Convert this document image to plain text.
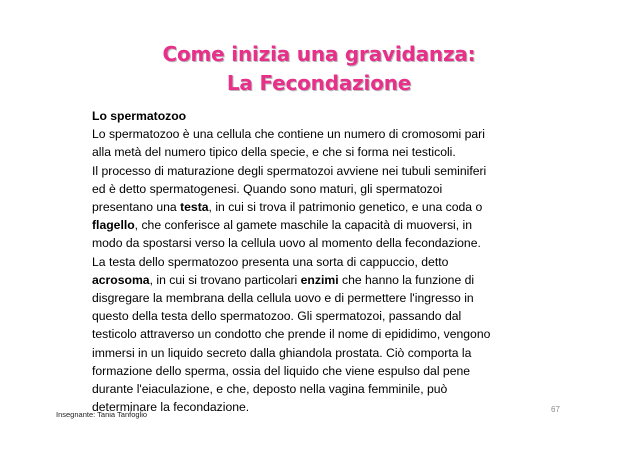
Come inizia una gravidanza:
La Fecondazione
Lo spermatozoo
Lo spermatozoo è una cellula che contiene un numero di cromosomi pari
alla metà del numero tipico della specie, e che si forma nei testicoli.
Il processo di maturazione degli spermatozoi avviene nei tubuli seminiferi
ed è detto spermatogenesi. Quando sono maturi, gli spermatozoi
presentano una testa, in cui si trova il patrimonio genetico, e una coda o
flagello, che conferisce al gamete maschile la capacità di muoversi, in
modo da spostarsi verso la cellula uovo al momento della fecondazione.
La testa dello spermatozoo presenta una sorta di cappuccio, detto
acrosoma, in cui si trovano particolari enzimi che hanno la funzione di
disgregare la membrana della cellula uovo e di permettere l'ingresso in
questo della testa dello spermatozoo. Gli spermatozoi, passando dal
testicolo attraverso un condotto che prende il nome di epididimo, vengono
immersi in un liquido secreto dalla ghiandola prostata. Ciò comporta la
formazione dello sperma, ossia del liquido che viene espulso dal pene
durante l'eiaculazione, e che, deposto nella vagina femminile, può
determinare la fecondazione.
Insegnante: Tania Tanfoglio
67
